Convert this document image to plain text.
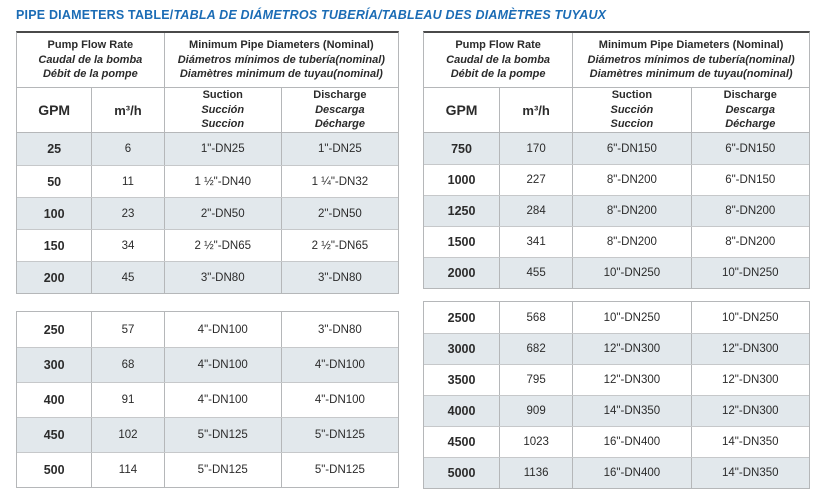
PIPE DIAMETERS TABLE/TABLA DE DIÁMETROS TUBERÍA/TABLEAU DES DIAMÈTRES TUYAUX
Pump Flow Rate
Caudal de la bomba
Débit de la pompe
Minimum Pipe Diameters (Nominal)
Diámetros mínimos de tubería(nominal)
Diamètres minimum de tuyau(nominal)
GPM	m³/h
Suction
Succión
Succion
Discharge
Descarga
Décharge
25	6	1"-DN25	1"-DN25
50	11	1 ½"-DN40	1 ¼"-DN32
100	23	2"-DN50	2"-DN50
150	34	2 ½"-DN65	2 ½"-DN65
200	45	3"-DN80	3"-DN80
250	57	4"-DN100	3"-DN80
300	68	4"-DN100	4"-DN100
400	91	4"-DN100	4"-DN100
450	102	5"-DN125	5"-DN125
500	114	5"-DN125	5"-DN125
Pump Flow Rate
Caudal de la bomba
Débit de la pompe
Minimum Pipe Diameters (Nominal)
Diámetros mínimos de tubería(nominal)
Diamètres minimum de tuyau(nominal)
GPM	m³/h
Suction
Succión
Succion
Discharge
Descarga
Décharge
750	170	6"-DN150	6"-DN150
1000	227	8"-DN200	6"-DN150
1250	284	8"-DN200	8"-DN200
1500	341	8"-DN200	8"-DN200
2000	455	10"-DN250	10"-DN250
2500	568	10"-DN250	10"-DN250
3000	682	12"-DN300	12"-DN300
3500	795	12"-DN300	12"-DN300
4000	909	14"-DN350	12"-DN300
4500	1023	16"-DN400	14"-DN350
5000	1136	16"-DN400	14"-DN350
